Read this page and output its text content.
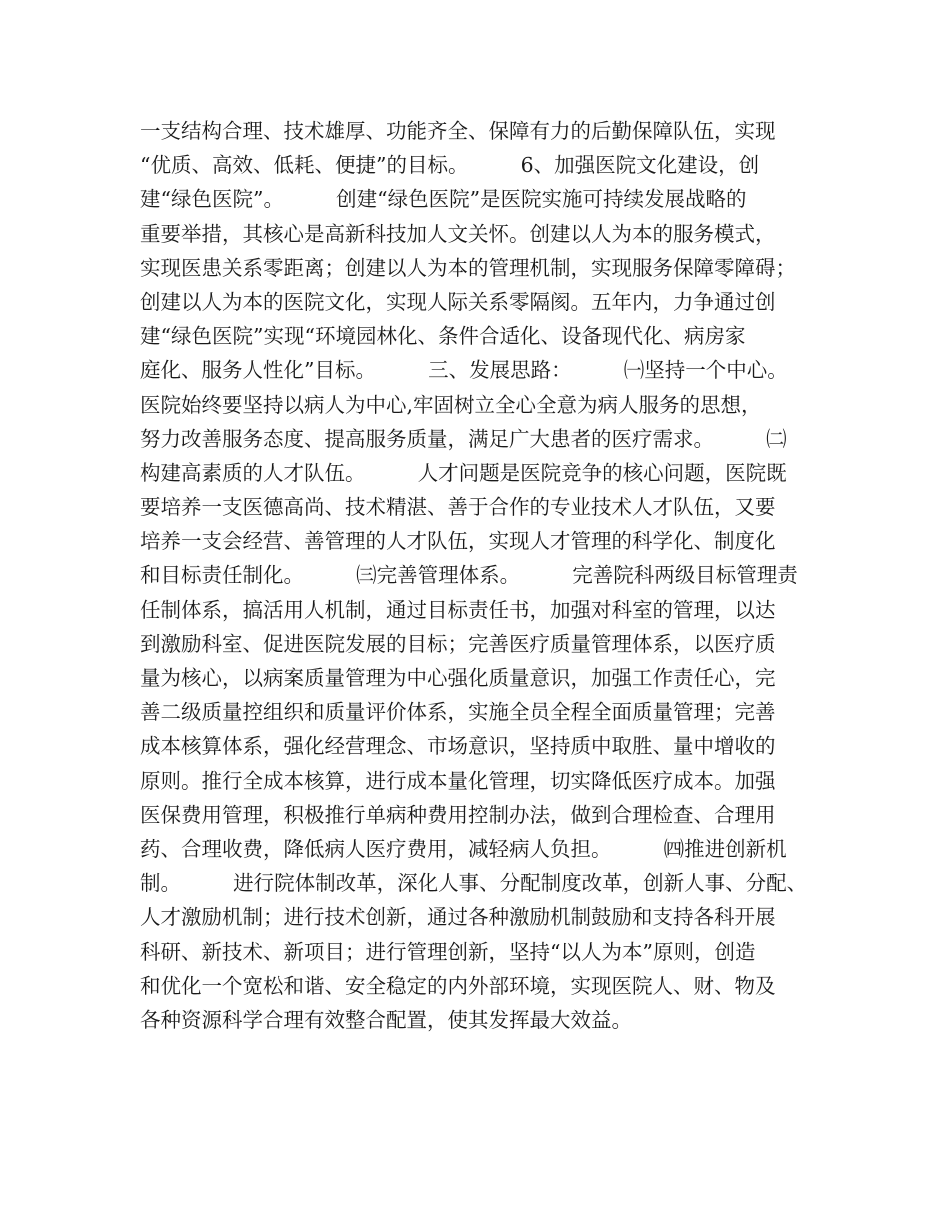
一支结构合理、技术雄厚、功能齐全、保障有力的后勤保障队伍，实现
“优质、高效、低耗、便捷”的目标。        6、加强医院文化建设，创
建“绿色医院”。        创建“绿色医院”是医院实施可持续发展战略的
重要举措，其核心是高新科技加人文关怀。创建以人为本的服务模式，
实现医患关系零距离；创建以人为本的管理机制，实现服务保障零障碍；
创建以人为本的医院文化，实现人际关系零隔阂。五年内，力争通过创
建“绿色医院”实现“环境园林化、条件合适化、设备现代化、病房家
庭化、服务人性化”目标。        三、发展思路：        ㈠坚持一个中心。
医院始终要坚持以病人为中心,牢固树立全心全意为病人服务的思想，
努力改善服务态度、提高服务质量，满足广大患者的医疗需求。        ㈡
构建高素质的人才队伍。        人才问题是医院竞争的核心问题，医院既
要培养一支医德高尚、技术精湛、善于合作的专业技术人才队伍，又要
培养一支会经营、善管理的人才队伍，实现人才管理的科学化、制度化
和目标责任制化。        ㈢完善管理体系。        完善院科两级目标管理责
任制体系，搞活用人机制，通过目标责任书，加强对科室的管理，以达
到激励科室、促进医院发展的目标；完善医疗质量管理体系，以医疗质
量为核心，以病案质量管理为中心强化质量意识，加强工作责任心，完
善二级质量控组织和质量评价体系，实施全员全程全面质量管理；完善
成本核算体系，强化经营理念、市场意识，坚持质中取胜、量中增收的
原则。推行全成本核算，进行成本量化管理，切实降低医疗成本。加强
医保费用管理，积极推行单病种费用控制办法，做到合理检查、合理用
药、合理收费，降低病人医疗费用，减轻病人负担。        ㈣推进创新机
制。        进行院体制改革，深化人事、分配制度改革，创新人事、分配、
人才激励机制；进行技术创新，通过各种激励机制鼓励和支持各科开展
科研、新技术、新项目；进行管理创新，坚持“以人为本”原则，创造
和优化一个宽松和谐、安全稳定的内外部环境，实现医院人、财、物及
各种资源科学合理有效整合配置，使其发挥最大效益。
